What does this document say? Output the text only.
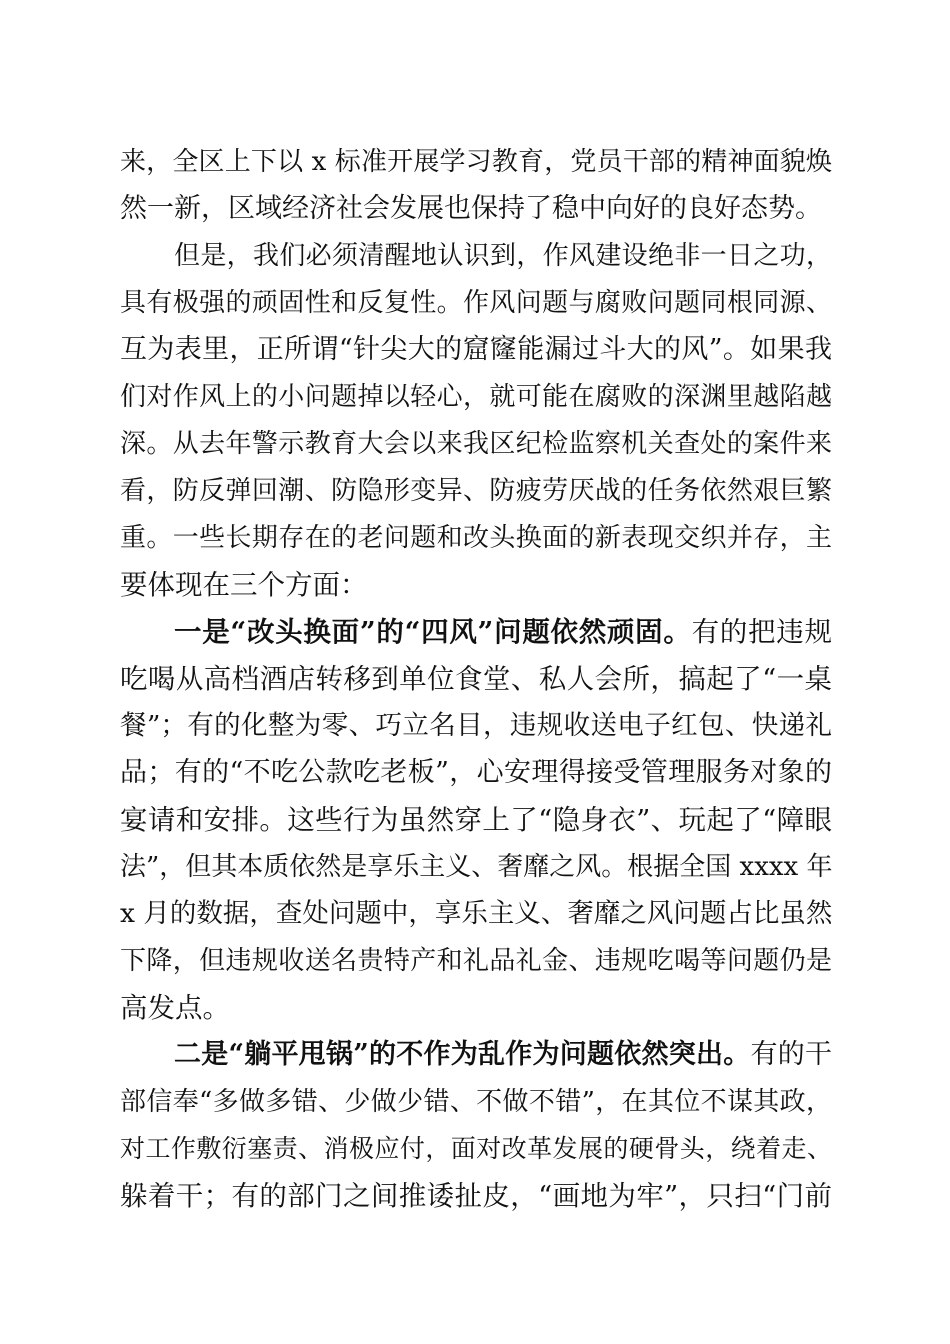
来，全区上下以 x 标准开展学习教育，党员干部的精神面貌焕
然一新，区域经济社会发展也保持了稳中向好的良好态势。
但是，我们必须清醒地认识到，作风建设绝非一日之功，
具有极强的顽固性和反复性。作风问题与腐败问题同根同源、
互为表里，正所谓“针尖大的窟窿能漏过斗大的风”。如果我
们对作风上的小问题掉以轻心，就可能在腐败的深渊里越陷越
深。从去年警示教育大会以来我区纪检监察机关查处的案件来
看，防反弹回潮、防隐形变异、防疲劳厌战的任务依然艰巨繁
重。一些长期存在的老问题和改头换面的新表现交织并存，主
要体现在三个方面：
一是“改头换面”的“四风”问题依然顽固。有的把违规
吃喝从高档酒店转移到单位食堂、私人会所，搞起了“一桌
餐”；有的化整为零、巧立名目，违规收送电子红包、快递礼
品；有的“不吃公款吃老板”，心安理得接受管理服务对象的
宴请和安排。这些行为虽然穿上了“隐身衣”、玩起了“障眼
法”，但其本质依然是享乐主义、奢靡之风。根据全国 xxxx 年
x 月的数据，查处问题中，享乐主义、奢靡之风问题占比虽然
下降，但违规收送名贵特产和礼品礼金、违规吃喝等问题仍是
高发点。
二是“躺平甩锅”的不作为乱作为问题依然突出。有的干
部信奉“多做多错、少做少错、不做不错”，在其位不谋其政，
对工作敷衍塞责、消极应付，面对改革发展的硬骨头，绕着走、
躲着干；有的部门之间推诿扯皮，“画地为牢”，只扫“门前
